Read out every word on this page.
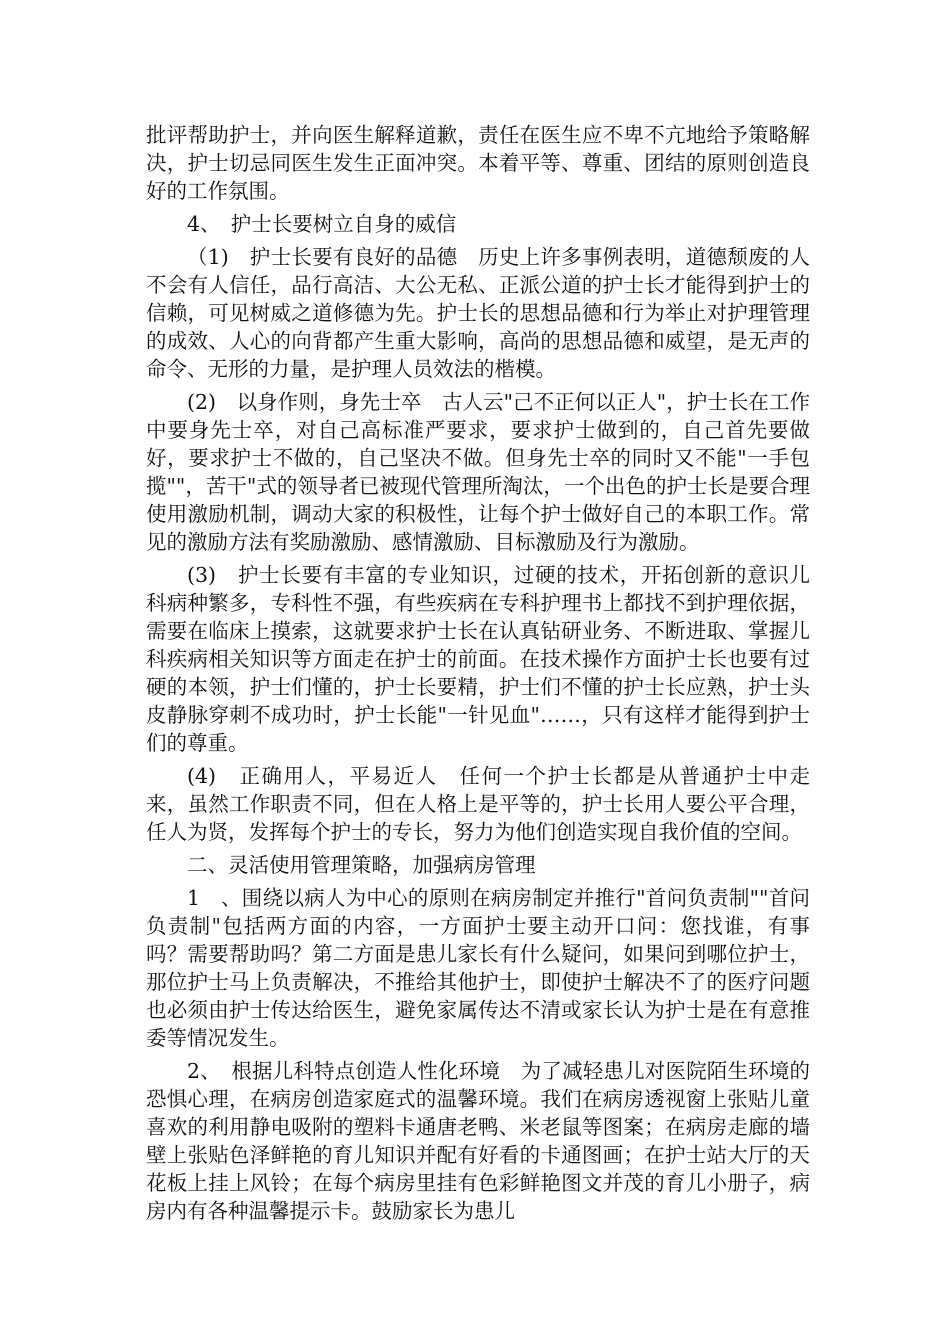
批评帮助护士，并向医生解释道歉，责任在医生应不卑不亢地给予策略解决，护士切忌同医生发生正面冲突。本着平等、尊重、团结的原则创造良好的工作氛围。

4、　护士长要树立自身的威信

（1)　护士长要有良好的品德　历史上许多事例表明，道德颓废的人不会有人信任，品行高洁、大公无私、正派公道的护士长才能得到护士的信赖，可见树威之道修德为先。护士长的思想品德和行为举止对护理管理的成效、人心的向背都产生重大影响，高尚的思想品德和威望，是无声的命令、无形的力量，是护理人员效法的楷模。

(2)　以身作则，身先士卒　古人云"己不正何以正人"，护士长在工作中要身先士卒，对自己高标准严要求，要求护士做到的，自己首先要做好，要求护士不做的，自己坚决不做。但身先士卒的同时又不能"一手包揽""，苦干"式的领导者已被现代管理所淘汰，一个出色的护士长是要合理使用激励机制，调动大家的积极性，让每个护士做好自己的本职工作。常见的激励方法有奖励激励、感情激励、目标激励及行为激励。

(3)　护士长要有丰富的专业知识，过硬的技术，开拓创新的意识儿科病种繁多，专科性不强，有些疾病在专科护理书上都找不到护理依据，需要在临床上摸索，这就要求护士长在认真钻研业务、不断进取、掌握儿科疾病相关知识等方面走在护士的前面。在技术操作方面护士长也要有过硬的本领，护士们懂的，护士长要精，护士们不懂的护士长应熟，护士头皮静脉穿刺不成功时，护士长能"一针见血"……，只有这样才能得到护士们的尊重。

(4)　正确用人，平易近人　任何一个护士长都是从普通护士中走来，虽然工作职责不同，但在人格上是平等的，护士长用人要公平合理，任人为贤，发挥每个护士的专长，努力为他们创造实现自我价值的空间。

二、灵活使用管理策略，加强病房管理

1　、围绕以病人为中心的原则在病房制定并推行"首问负责制""首问负责制"包括两方面的内容，一方面护士要主动开口问：您找谁，有事吗？需要帮助吗？第二方面是患儿家长有什么疑问，如果问到哪位护士，那位护士马上负责解决，不推给其他护士，即使护士解决不了的医疗问题也必须由护士传达给医生，避免家属传达不清或家长认为护士是在有意推委等情况发生。

2、　根据儿科特点创造人性化环境　为了减轻患儿对医院陌生环境的恐惧心理，在病房创造家庭式的温馨环境。我们在病房透视窗上张贴儿童喜欢的利用静电吸附的塑料卡通唐老鸭、米老鼠等图案；在病房走廊的墙壁上张贴色泽鲜艳的育儿知识并配有好看的卡通图画；在护士站大厅的天花板上挂上风铃；在每个病房里挂有色彩鲜艳图文并茂的育儿小册子，病房内有各种温馨提示卡。鼓励家长为患儿
